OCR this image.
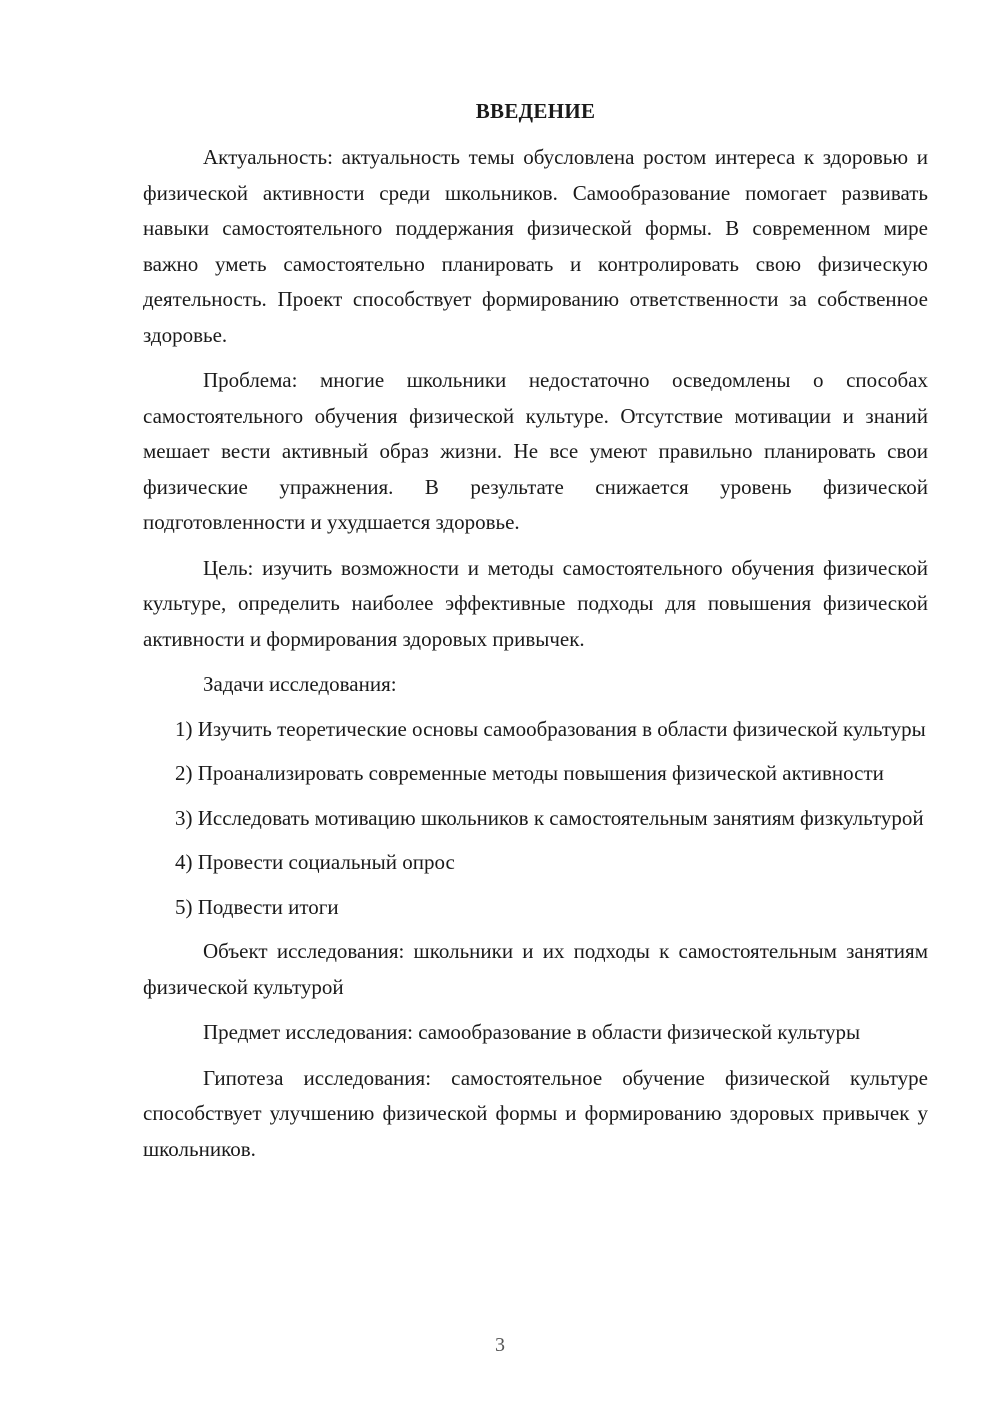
ВВЕДЕНИЕ

Актуальность: актуальность темы обусловлена ростом интереса к здоровью и физической активности среди школьников. Самообразование помогает развивать навыки самостоятельного поддержания физической формы. В современном мире важно уметь самостоятельно планировать и контролировать свою физическую деятельность. Проект способствует формированию ответственности за собственное здоровье.

Проблема: многие школьники недостаточно осведомлены о способах самостоятельного обучения физической культуре. Отсутствие мотивации и знаний мешает вести активный образ жизни. Не все умеют правильно планировать свои физические упражнения. В результате снижается уровень физической подготовленности и ухудшается здоровье.

Цель: изучить возможности и методы самостоятельного обучения физической культуре, определить наиболее эффективные подходы для повышения физической активности и формирования здоровых привычек.

Задачи исследования:

1) Изучить теоретические основы самообразования в области физической культуры

2) Проанализировать современные методы повышения физической активности

3) Исследовать мотивацию школьников к самостоятельным занятиям физкультурой

4) Провести социальный опрос

5) Подвести итоги

Объект исследования: школьники и их подходы к самостоятельным занятиям физической культурой

Предмет исследования: самообразование в области физической культуры

Гипотеза исследования: самостоятельное обучение физической культуре способствует улучшению физической формы и формированию здоровых привычек у школьников.

3
